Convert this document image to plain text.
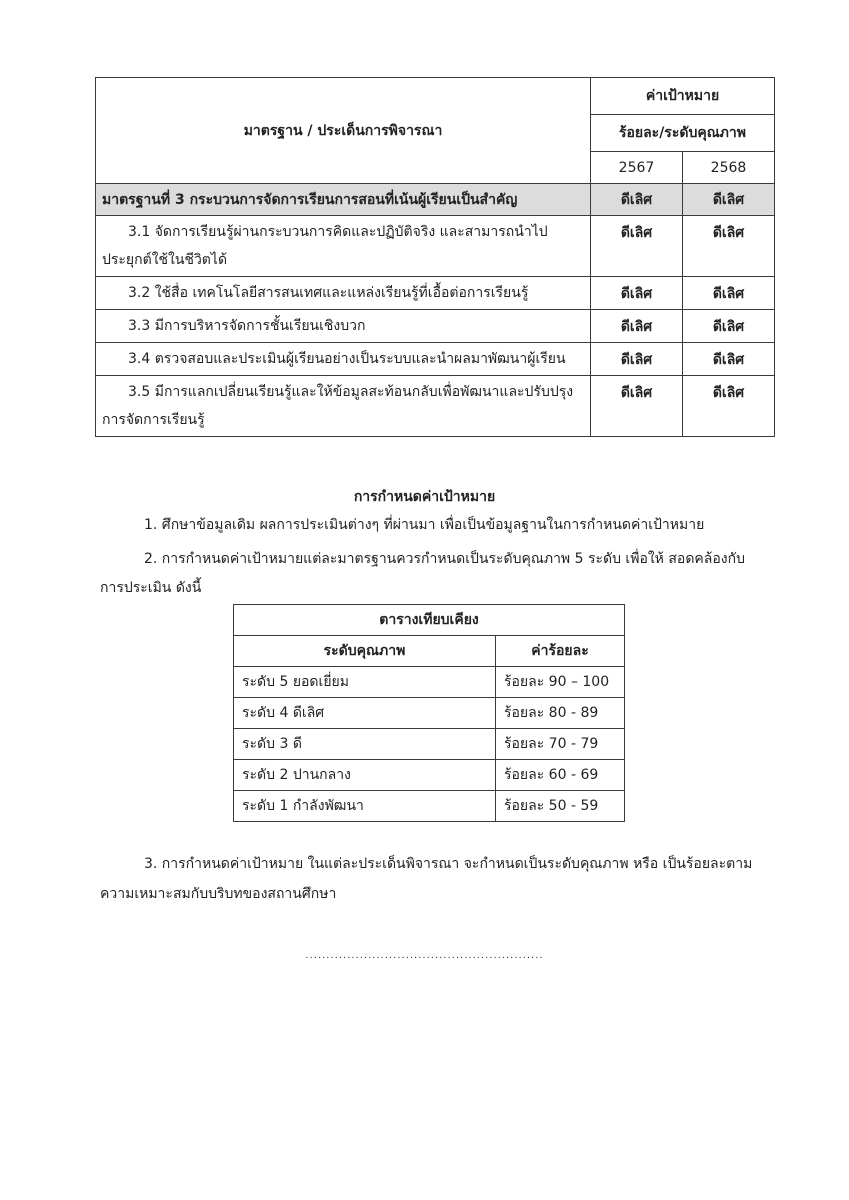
มาตรฐาน / ประเด็นการพิจารณา	ค่าเป้าหมาย	
	ร้อยละ/ระดับคุณภาพ	
	2567	2568
มาตรฐานที่ 3 กระบวนการจัดการเรียนการสอนที่เน้นผู้เรียนเป็นสำคัญ	ดีเลิศ	ดีเลิศ
3.1 จัดการเรียนรู้ผ่านกระบวนการคิดและปฏิบัติจริง และสามารถนำไป
ประยุกต์ใช้ในชีวิตได้	ดีเลิศ	ดีเลิศ
3.2 ใช้สื่อ เทคโนโลยีสารสนเทศและแหล่งเรียนรู้ที่เอื้อต่อการเรียนรู้	ดีเลิศ	ดีเลิศ
3.3 มีการบริหารจัดการชั้นเรียนเชิงบวก	ดีเลิศ	ดีเลิศ
3.4 ตรวจสอบและประเมินผู้เรียนอย่างเป็นระบบและนำผลมาพัฒนาผู้เรียน	ดีเลิศ	ดีเลิศ
3.5 มีการแลกเปลี่ยนเรียนรู้และให้ข้อมูลสะท้อนกลับเพื่อพัฒนาและปรับปรุง
การจัดการเรียนรู้	ดีเลิศ	ดีเลิศ
การกำหนดค่าเป้าหมาย
1. ศึกษาข้อมูลเดิม ผลการประเมินต่างๆ ที่ผ่านมา เพื่อเป็นข้อมูลฐานในการกำหนดค่าเป้าหมาย
2. การกำหนดค่าเป้าหมายแต่ละมาตรฐานควรกำหนดเป็นระดับคุณภาพ 5 ระดับ เพื่อให้ สอดคล้องกับ
การประเมิน ดังนี้
ตารางเทียบเคียง	
ระดับคุณภาพ	ค่าร้อยละ
ระดับ 5 ยอดเยี่ยม	ร้อยละ 90 – 100
ระดับ 4 ดีเลิศ	ร้อยละ 80 - 89
ระดับ 3 ดี	ร้อยละ 70 - 79
ระดับ 2 ปานกลาง	ร้อยละ 60 - 69
ระดับ 1 กำลังพัฒนา	ร้อยละ 50 - 59
3. การกำหนดค่าเป้าหมาย ในแต่ละประเด็นพิจารณา จะกำหนดเป็นระดับคุณภาพ หรือ เป็นร้อยละตาม
ความเหมาะสมกับบริบทของสถานศึกษา
.........................................................
